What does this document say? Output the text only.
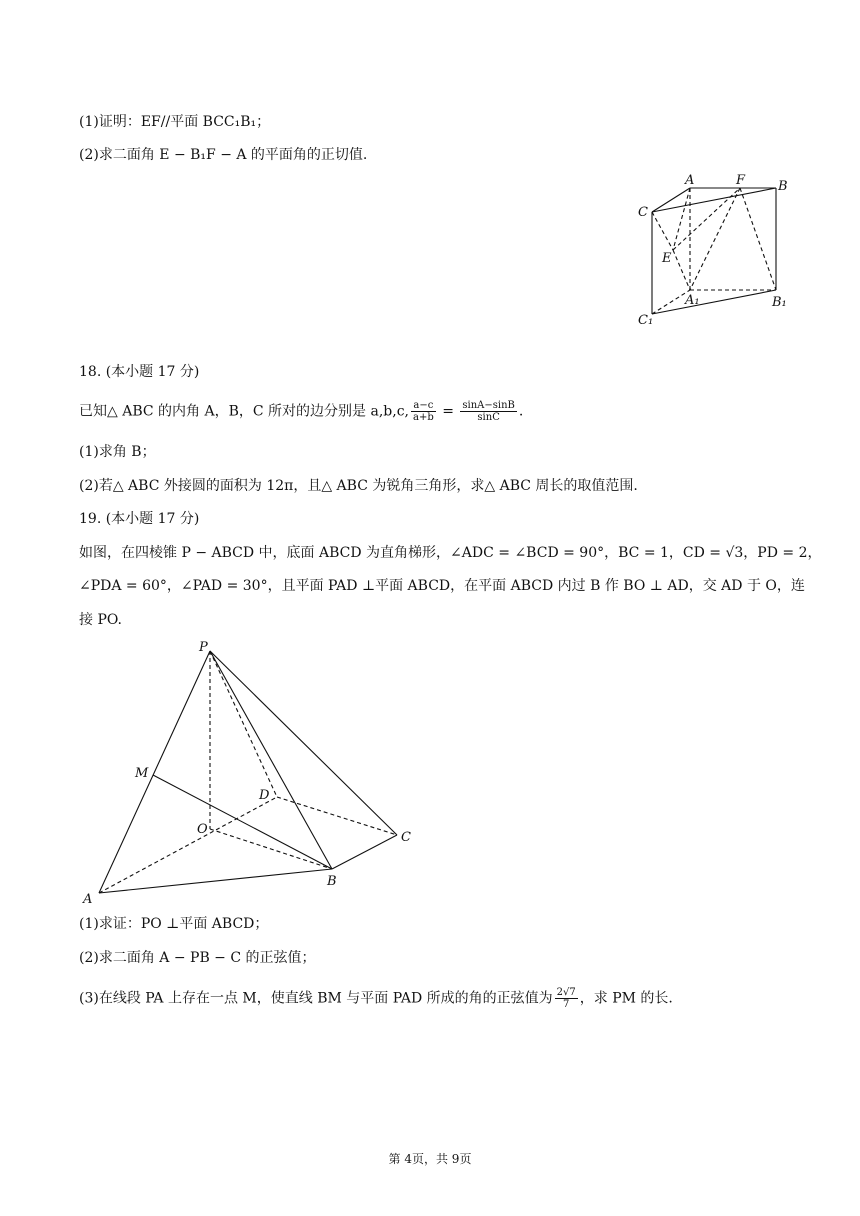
(1)证明：EF//平面 BCC₁B₁；
(2)求二面角 E − B₁F − A 的平面角的正切值.
A	F	B
C
E
A₁	B₁
C₁
18. (本小题 17 分)
已知△ ABC 的内角 A，B，C 所对的边分别是 a,b,c, $\frac{a-c}{a+b} = \frac{\sin A-\sin B}{\sin C}$ .
(1)求角 B；
(2)若△ ABC 外接圆的面积为 12π，且△ ABC 为锐角三角形，求△ ABC 周长的取值范围.
19. (本小题 17 分)
如图，在四棱锥 P − ABCD 中，底面 ABCD 为直角梯形，∠ADC = ∠BCD = 90°，BC = 1，CD = √3，PD = 2，
∠PDA = 60°，∠PAD = 30°，且平面 PAD ⊥平面 ABCD，在平面 ABCD 内过 B 作 BO ⊥ AD，交 AD 于 O，连
接 PO.
P
M
D
O
C
A
B
(1)求证：PO ⊥平面 ABCD；
(2)求二面角 A − PB − C 的正弦值；
(3)在线段 PA 上存在一点 M，使直线 BM 与平面 PAD 所成的角的正弦值为 $\frac{2√7}{7}$ ，求 PM 的长.
第 4页，共 9页
